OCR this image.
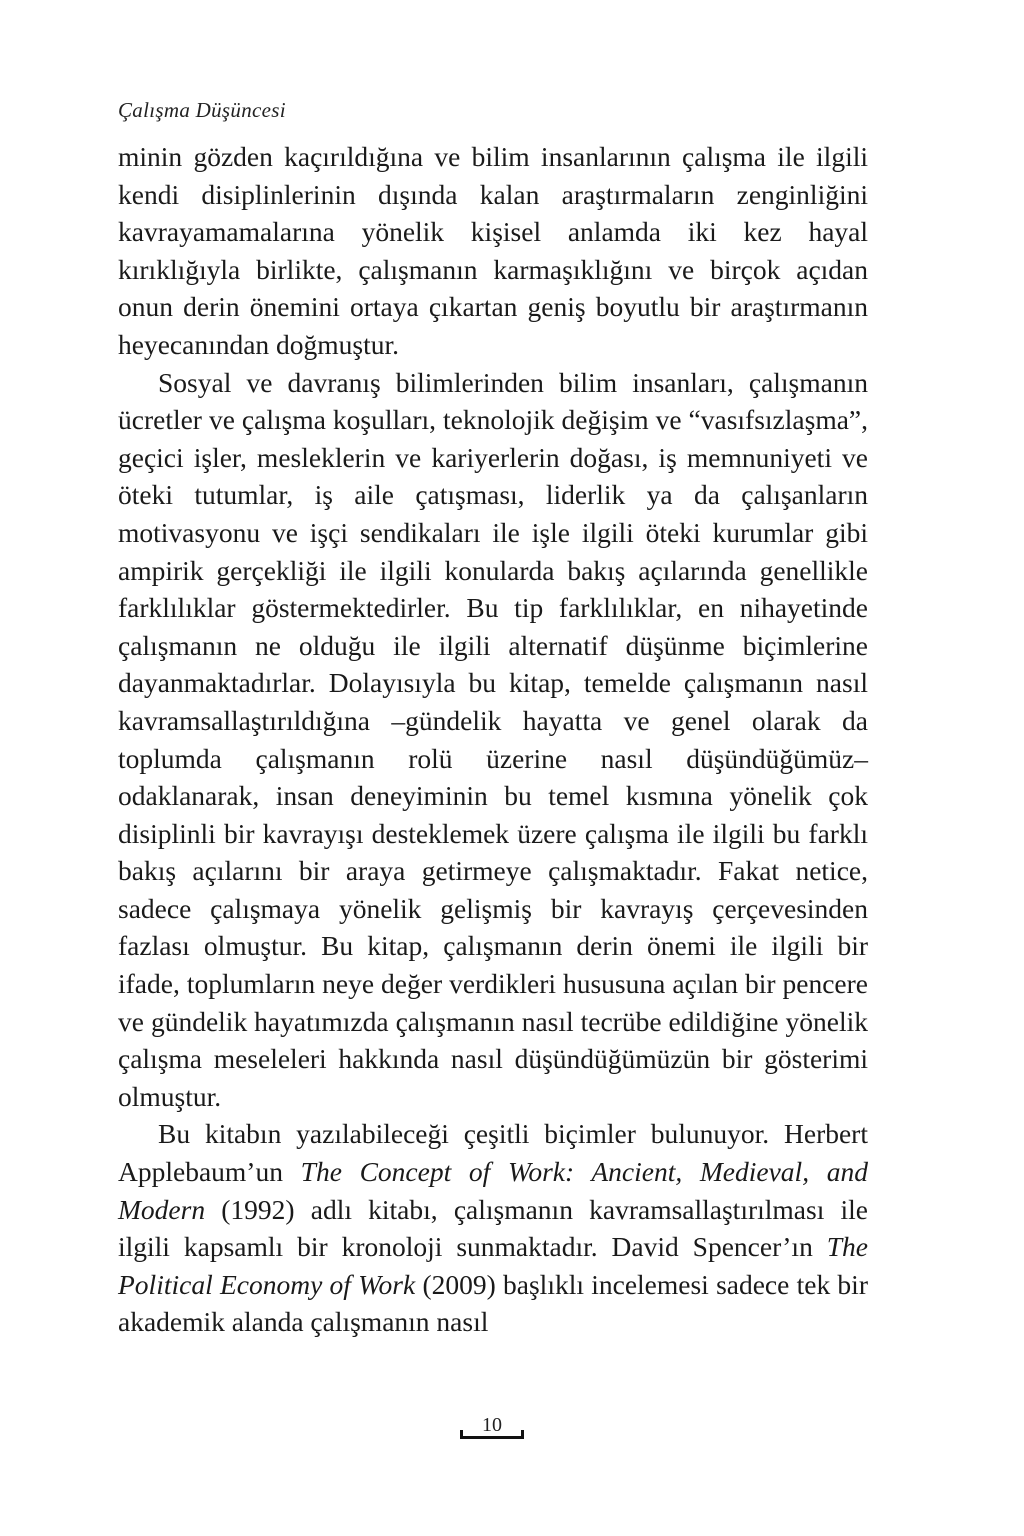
Çalışma Düşüncesi

minin gözden kaçırıldığına ve bilim insanlarının çalışma ile ilgili kendi disiplinlerinin dışında kalan araştırmaların zenginliğini kavrayamamalarına yönelik kişisel anlamda iki kez hayal kırıklığıyla birlikte, çalışmanın karmaşıklığını ve birçok açıdan onun derin önemini ortaya çıkartan geniş boyutlu bir araştırmanın heyecanından doğmuştur.

Sosyal ve davranış bilimlerinden bilim insanları, çalışmanın ücretler ve çalışma koşulları, teknolojik değişim ve “vasıfsızlaşma”, geçici işler, mesleklerin ve kariyerlerin doğası, iş memnuniyeti ve öteki tutumlar, iş aile çatışması, liderlik ya da çalışanların motivasyonu ve işçi sendikaları ile işle ilgili öteki kurumlar gibi ampirik gerçekliği ile ilgili konularda bakış açılarında genellikle farklılıklar göstermektedirler. Bu tip farklılıklar, en nihayetinde çalışmanın ne olduğu ile ilgili alternatif düşünme biçimlerine dayanmaktadırlar. Dolayısıyla bu kitap, temelde çalışmanın nasıl kavramsallaştırıldığına –gündelik hayatta ve genel olarak da toplumda çalışmanın rolü üzerine nasıl düşündüğümüz– odaklanarak, insan deneyiminin bu temel kısmına yönelik çok disiplinli bir kavrayışı desteklemek üzere çalışma ile ilgili bu farklı bakış açılarını bir araya getirmeye çalışmaktadır. Fakat netice, sadece çalışmaya yönelik gelişmiş bir kavrayış çerçevesinden fazlası olmuştur. Bu kitap, çalışmanın derin önemi ile ilgili bir ifade, toplumların neye değer verdikleri hususuna açılan bir pencere ve gündelik hayatımızda çalışmanın nasıl tecrübe edildiğine yönelik çalışma meseleleri hakkında nasıl düşündüğümüzün bir gösterimi olmuştur.

Bu kitabın yazılabileceği çeşitli biçimler bulunuyor. Herbert Applebaum’un The Concept of Work: Ancient, Medieval, and Modern (1992) adlı kitabı, çalışmanın kavramsallaştırılması ile ilgili kapsamlı bir kronoloji sunmaktadır. David Spencer’ın The Political Economy of Work (2009) başlıklı incelemesi sadece tek bir akademik alanda çalışmanın nasıl

10
